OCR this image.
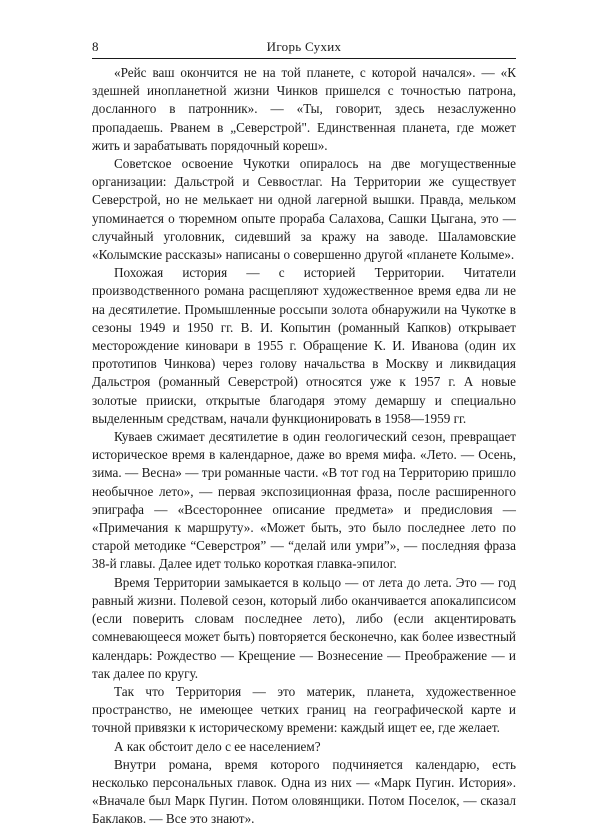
8	Игорь Сухих

«Рейс ваш окончится не на той планете, с которой начался». — «К здешней инопланетной жизни Чинков пришелся с точностью патрона, досланного в патронник». — «Ты, говорит, здесь незаслуженно пропадаешь. Рванем в „Северстрой". Единственная планета, где может жить и зарабатывать порядочный кореш».

Советское освоение Чукотки опиралось на две могущественные организации: Дальстрой и Севвостлаг. На Территории же существует Северстрой, но не мелькает ни одной лагерной вышки. Правда, мельком упоминается о тюремном опыте прораба Салахова, Сашки Цыгана, это — случайный уголовник, сидевший за кражу на заводе. Шаламовские «Колымские рассказы» написаны о совершенно другой «планете Колыме».

Похожая история — с историей Территории. Читатели производственного романа расщепляют художественное время едва ли не на десятилетие. Промышленные россыпи золота обнаружили на Чукотке в сезоны 1949 и 1950 гг. В. И. Копытин (романный Капков) открывает месторождение киновари в 1955 г. Обращение К. И. Иванова (один их прототипов Чинкова) через голову начальства в Москву и ликвидация Дальстроя (романный Северстрой) относятся уже к 1957 г. А новые золотые прииски, открытые благодаря этому демаршу и специально выделенным средствам, начали функционировать в 1958—1959 гг.

Куваев сжимает десятилетие в один геологический сезон, превращает историческое время в календарное, даже во время мифа. «Лето. — Осень, зима. — Весна» — три романные части. «В тот год на Территорию пришло необычное лето», — первая экспозиционная фраза, после расширенного эпиграфа — «Всестороннее описание предмета» и предисловия — «Примечания к маршруту». «Может быть, это было последнее лето по старой методике “Северстроя” — “делай или умри”», — последняя фраза 38-й главы. Далее идет только короткая главка-эпилог.

Время Территории замыкается в кольцо — от лета до лета. Это — год равный жизни. Полевой сезон, который либо оканчивается апокалипсисом (если поверить словам последнее лето), либо (если акцентировать сомневающееся может быть) повторяется бесконечно, как более известный календарь: Рождество — Крещение — Вознесение — Преображение — и так далее по кругу.

Так что Территория — это материк, планета, художественное пространство, не имеющее четких границ на географической карте и точной привязки к историческому времени: каждый ищет ее, где желает.

А как обстоит дело с ее населением?

Внутри романа, время которого подчиняется календарю, есть несколько персональных главок. Одна из них — «Марк Пугин. История». «Вначале был Марк Пугин. Потом оловянщики. Потом Поселок, — сказал Баклаков. — Все это знают».
